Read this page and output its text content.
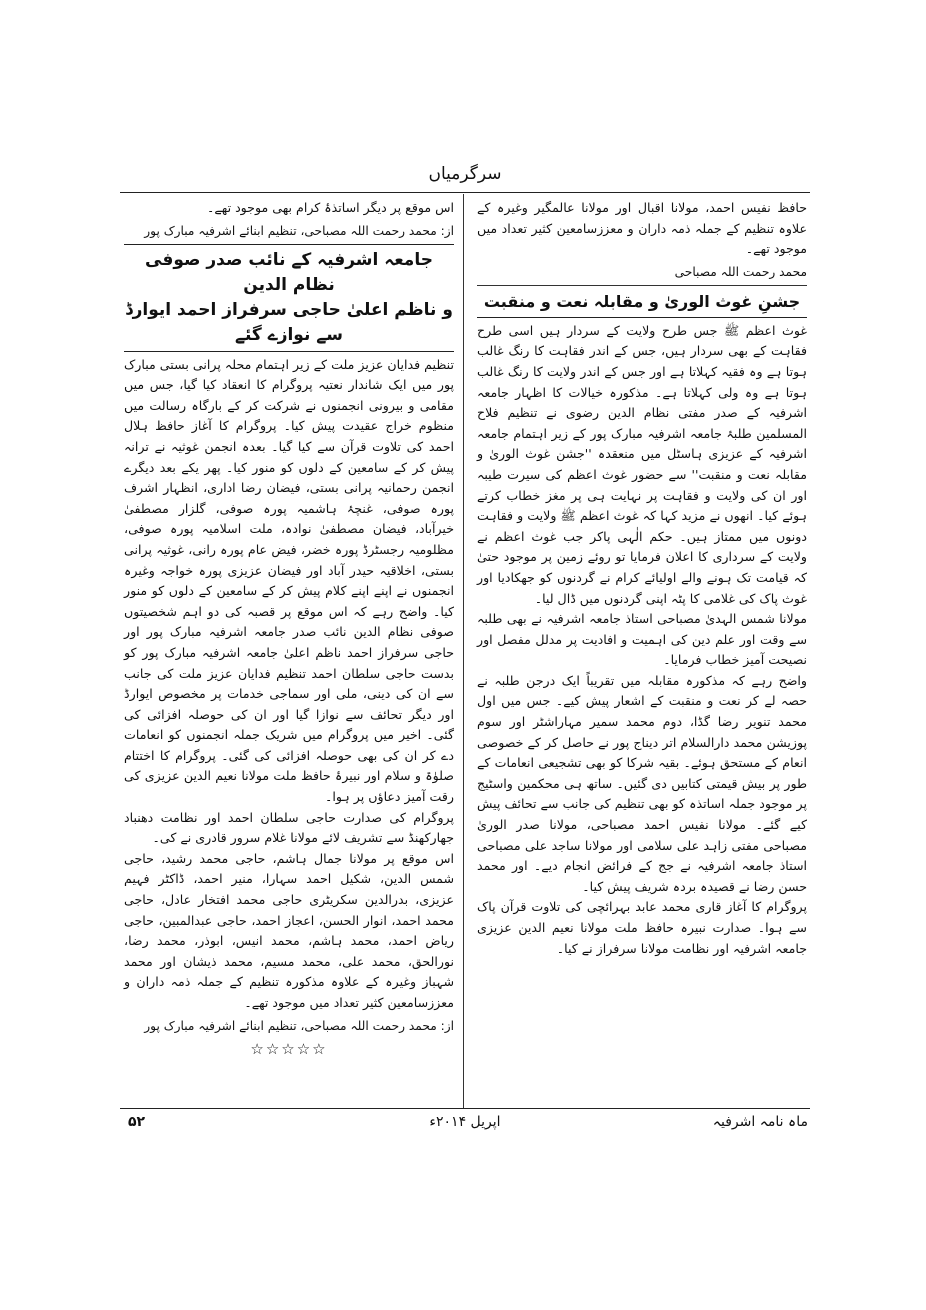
سرگرمیاں

حافظ نفیس احمد، مولانا اقبال اور مولانا عالمگیر وغیرہ کے علاوہ تنظیم کے جملہ ذمہ داران و معززسامعین کثیر تعداد میں موجود تھے۔

محمد رحمت اللہ مصباحی
جشنِ غوث الوریٰ و مقابلہ نعت و منقبت

غوث اعظم ﷺ جس طرح ولایت کے سردار ہیں اسی طرح فقاہت کے بھی سردار ہیں، جس کے اندر فقاہت کا رنگ غالب ہوتا ہے وہ فقیہ کہلاتا ہے اور جس کے اندر ولایت کا رنگ غالب ہوتا ہے وہ ولی کہلاتا ہے۔ مذکورہ خیالات کا اظہار جامعہ اشرفیہ کے صدر مفتی نظام الدین رضوی نے تنظیم فلاح المسلمین طلبۂ جامعہ اشرفیہ مبارک پور کے زیر اہتمام جامعہ اشرفیہ کے عزیزی ہاسٹل میں منعقدہ ''جشن غوث الوریٰ و مقابلہ نعت و منقبت'' سے حضور غوث اعظم کی سیرت طیبہ اور ان کی ولایت و فقاہت پر نہایت ہی پر مغز خطاب کرتے ہوئے کیا۔ انھوں نے مزید کہا کہ غوث اعظم ﷺ ولایت و فقاہت دونوں میں ممتاز ہیں۔ حکم الٰہی پاکر جب غوث اعظم نے ولایت کے سرداری کا اعلان فرمایا تو روئے زمین پر موجود حتیٰ کہ قیامت تک ہونے والے اولیائے کرام نے گردنوں کو جھکادیا اور غوث پاک کی غلامی کا پٹہ اپنی گردنوں میں ڈال لیا۔

مولانا شمس الہدیٰ مصباحی استاذ جامعہ اشرفیہ نے بھی طلبہ سے وقت اور علم دین کی اہمیت و افادیت پر مدلل مفصل اور نصیحت آمیز خطاب فرمایا۔

واضح رہے کہ مذکورہ مقابلہ میں تقریباً ایک درجن طلبہ نے حصہ لے کر نعت و منقبت کے اشعار پیش کیے۔ جس میں اول محمد تنویر رضا گڈا، دوم محمد سمیر مہاراشٹر اور سوم پوزیشن محمد دارالسلام اتر دیناج پور نے حاصل کر کے خصوصی انعام کے مستحق ہوئے۔ بقیہ شرکا کو بھی تشجیعی انعامات کے طور پر بیش قیمتی کتابیں دی گئیں۔ ساتھ ہی محکمین واسٹیج پر موجود جملہ اساتذہ کو بھی تنظیم کی جانب سے تحائف پیش کیے گئے۔ مولانا نفیس احمد مصباحی، مولانا صدر الوریٰ مصباحی مفتی زاہد علی سلامی اور مولانا ساجد علی مصباحی استاذ جامعہ اشرفیہ نے جج کے فرائض انجام دیے۔ اور محمد حسن رضا نے قصیدہ بردہ شریف پیش کیا۔

پروگرام کا آغاز قاری محمد عابد بہرائچی کی تلاوت قرآن پاک سے ہوا۔ صدارت نبیرہ حافظ ملت مولانا نعیم الدین عزیزی جامعہ اشرفیہ اور نظامت مولانا سرفراز نے کیا۔

اس موقع پر دیگر اساتذۂ کرام بھی موجود تھے۔

از: محمد رحمت اللہ مصباحی، تنظیم ابنائے اشرفیہ مبارک پور
جامعہ اشرفیہ کے نائب صدر صوفی نظام الدین
و ناظم اعلیٰ حاجی سرفراز احمد ایوارڈ سے نوازے گئے

تنظیم فدایان عزیز ملت کے زیر اہتمام محلہ پرانی بستی مبارک پور میں ایک شاندار نعتیہ پروگرام کا انعقاد کیا گیا، جس میں مقامی و بیرونی انجمنوں نے شرکت کر کے بارگاہ رسالت میں منظوم خراج عقیدت پیش کیا۔ پروگرام کا آغاز حافظ ہلال احمد کی تلاوت قرآن سے کیا گیا۔ بعدہ انجمن غوثیہ نے ترانہ پیش کر کے سامعین کے دلوں کو منور کیا۔ پھر یکے بعد دیگرے انجمن رحمانیہ پرانی بستی، فیضان رضا اداری، انظہار اشرف پورہ صوفی، غنچۂ ہاشمیہ پورہ صوفی، گلزار مصطفیٰ خیرآباد، فیضان مصطفیٰ نوادہ، ملت اسلامیہ پورہ صوفی، مظلومیہ رجسٹرڈ پورہ خضر، فیض عام پورہ رانی، غوثیہ پرانی بستی، اخلاقیہ حیدر آباد اور فیضان عزیزی پورہ خواجہ وغیرہ انجمنوں نے اپنے اپنے کلام پیش کر کے سامعین کے دلوں کو منور کیا۔ واضح رہے کہ اس موقع پر قصبہ کی دو اہم شخصیتوں صوفی نظام الدین نائب صدر جامعہ اشرفیہ مبارک پور اور حاجی سرفراز احمد ناظم اعلیٰ جامعہ اشرفیہ مبارک پور کو بدست حاجی سلطان احمد تنظیم فدایان عزیز ملت کی جانب سے ان کی دینی، ملی اور سماجی خدمات پر مخصوص ایوارڈ اور دیگر تحائف سے نوازا گیا اور ان کی حوصلہ افزائی کی گئی۔ اخیر میں پروگرام میں شریک جملہ انجمنوں کو انعامات دے کر ان کی بھی حوصلہ افزائی کی گئی۔ پروگرام کا اختتام صلوٰۃ و سلام اور نبیرۂ حافظ ملت مولانا نعیم الدین عزیزی کی رقت آمیز دعاؤں پر ہوا۔

پروگرام کی صدارت حاجی سلطان احمد اور نظامت دھنباد جھارکھنڈ سے تشریف لائے مولانا غلام سرور قادری نے کی۔

اس موقع پر مولانا جمال ہاشم، حاجی محمد رشید، حاجی شمس الدین، شکیل احمد سہارا، منیر احمد، ڈاکٹر فہیم عزیزی، بدرالدین سکریٹری حاجی محمد افتخار عادل، حاجی محمد احمد، انوار الحسن، اعجاز احمد، حاجی عبدالمبین، حاجی ریاض احمد، محمد ہاشم، محمد انیس، ابوذر، محمد رضا، نورالحق، محمد علی، محمد مسیم، محمد ذیشان اور محمد شہباز وغیرہ کے علاوہ مذکورہ تنظیم کے جملہ ذمہ داران و معززسامعین کثیر تعداد میں موجود تھے۔

از: محمد رحمت اللہ مصباحی، تنظیم ابنائے اشرفیہ مبارک پور
☆☆☆☆☆
ماہ نامہ اشرفیہ
اپریل ۲۰۱۴ء
۵۲
